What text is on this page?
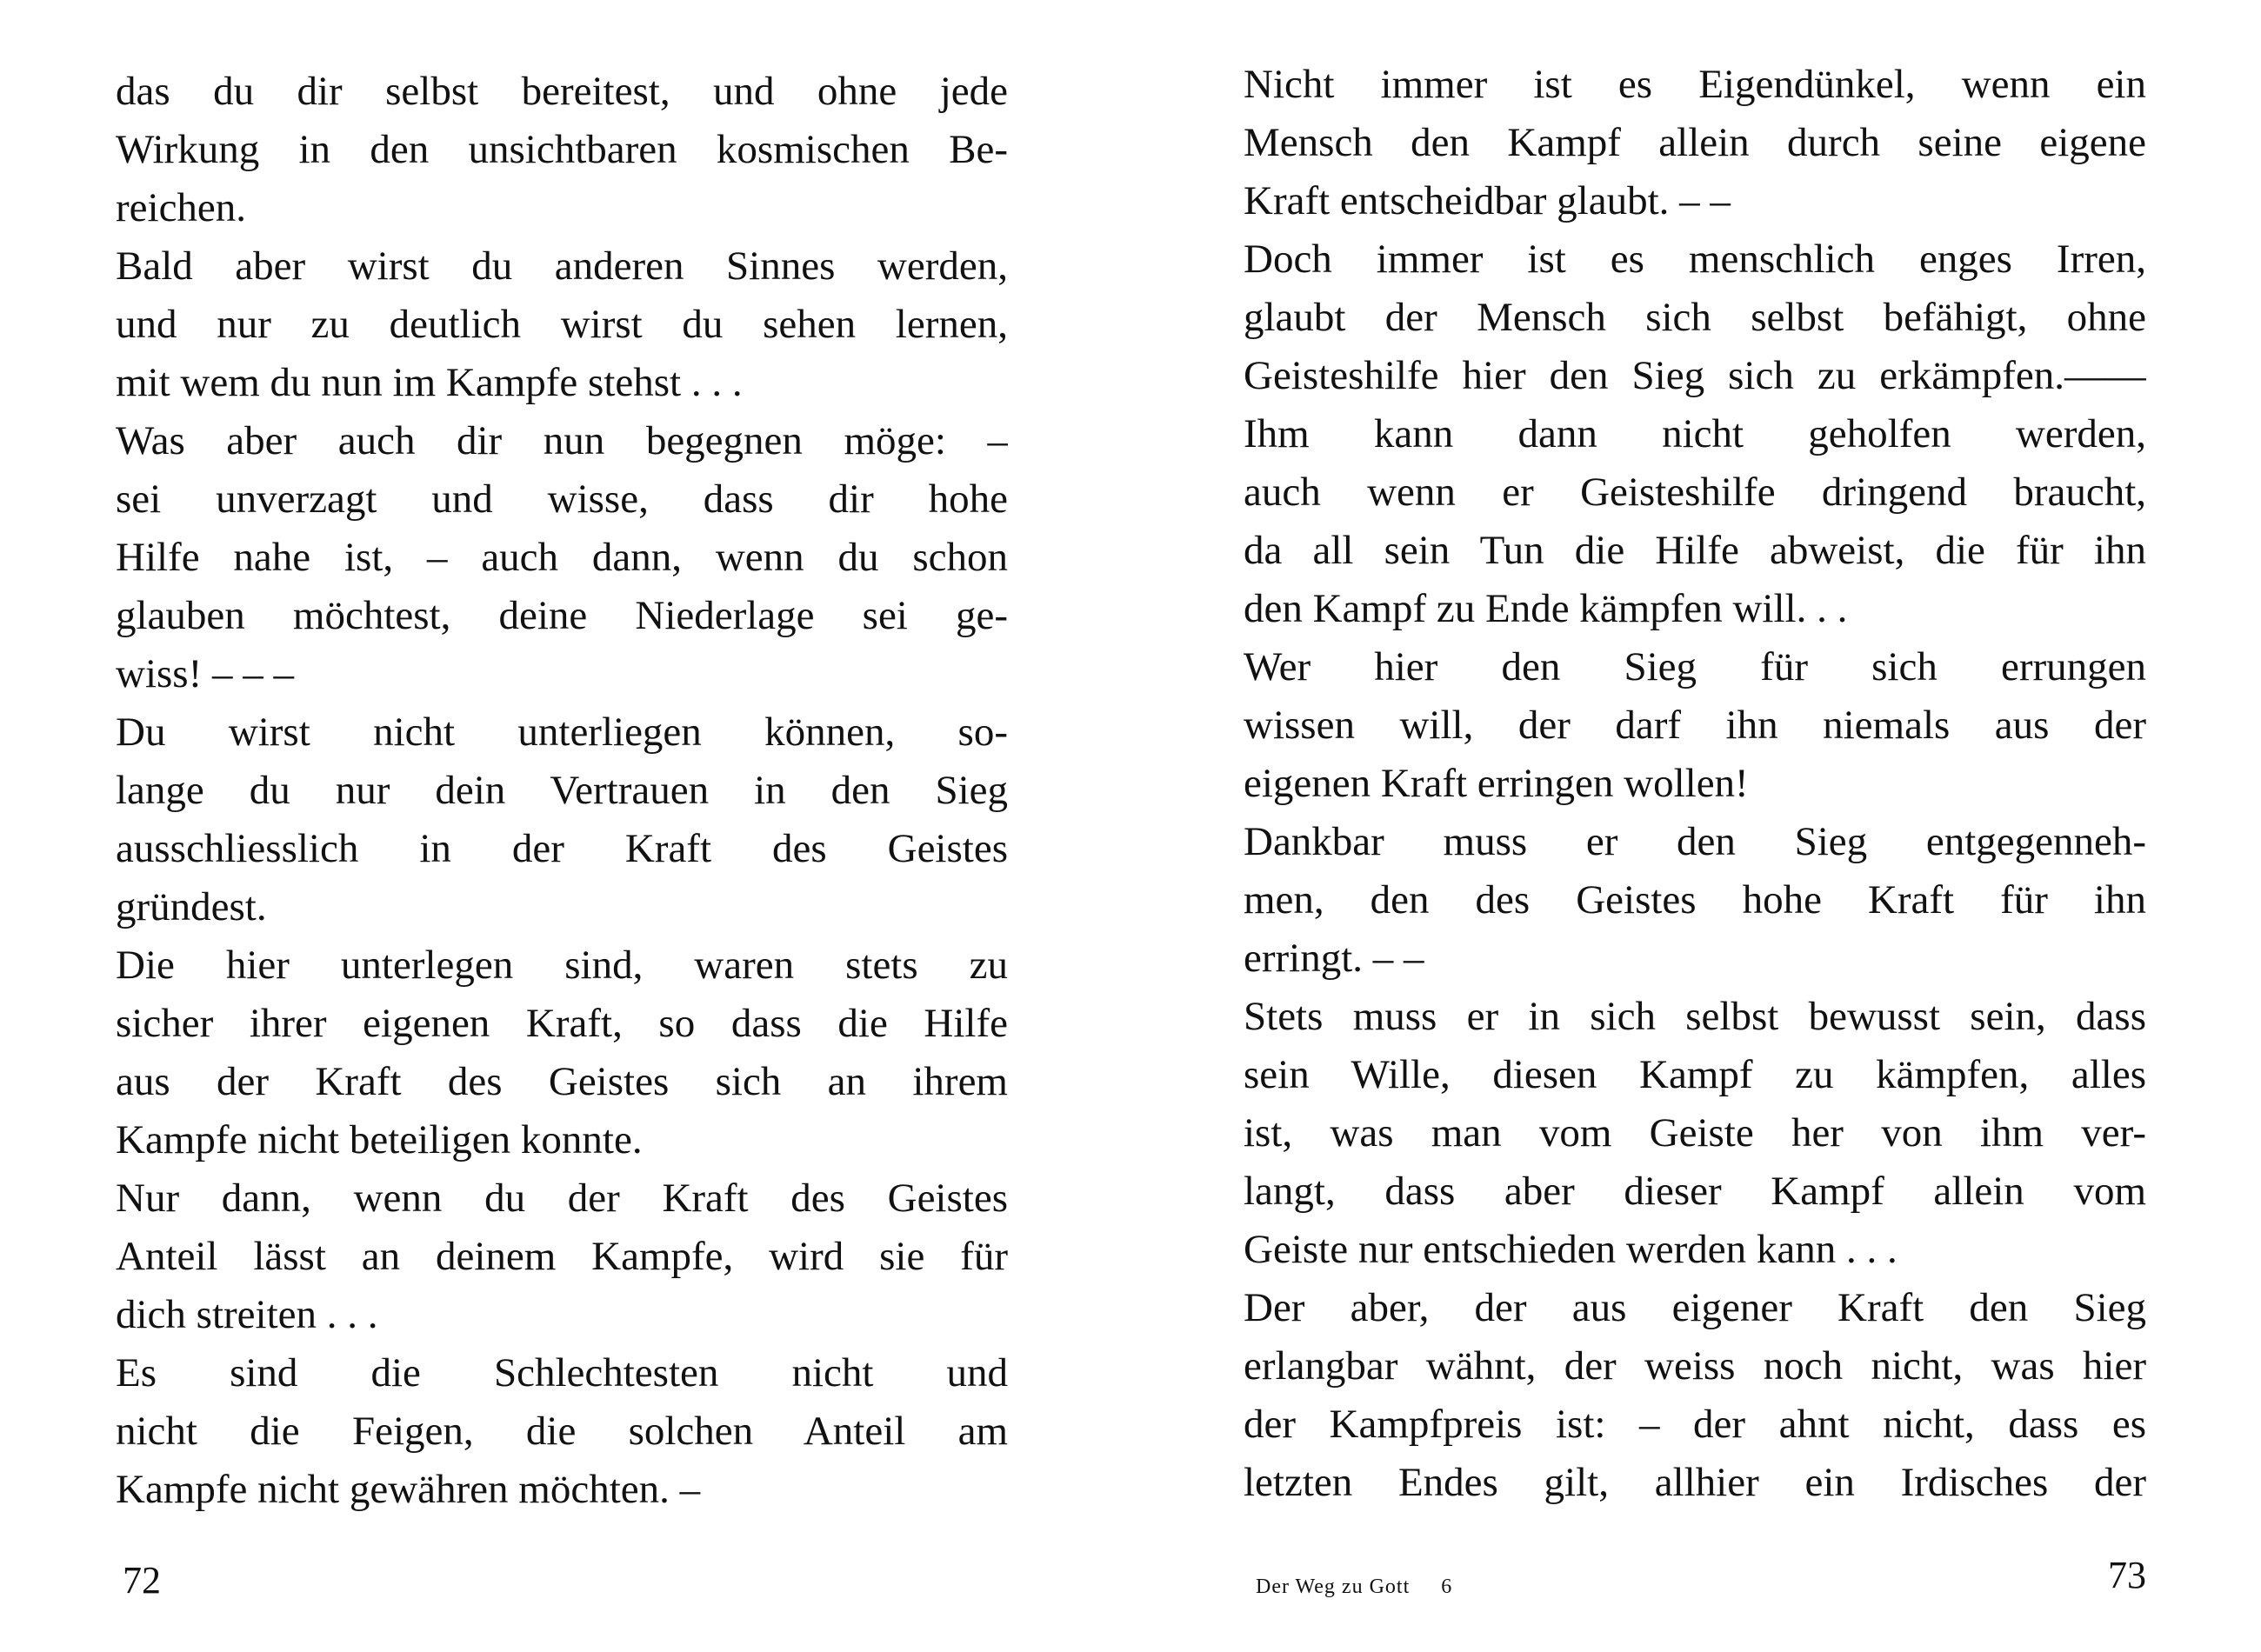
das du dir selbst bereitest, und ohne jede
Wirkung in den unsichtbaren kosmischen Be-
reichen.
Bald aber wirst du anderen Sinnes werden,
und nur zu deutlich wirst du sehen lernen,
mit wem du nun im Kampfe stehst . . .
Was aber auch dir nun begegnen möge: –
sei unverzagt und wisse, dass dir hohe
Hilfe nahe ist, – auch dann, wenn du schon
glauben möchtest, deine Niederlage sei ge-
wiss! – – –
Du wirst nicht unterliegen können, so-
lange du nur dein Vertrauen in den Sieg
ausschliesslich in der Kraft des Geistes
gründest.
Die hier unterlegen sind, waren stets zu
sicher ihrer eigenen Kraft, so dass die Hilfe
aus der Kraft des Geistes sich an ihrem
Kampfe nicht beteiligen konnte.
Nur dann, wenn du der Kraft des Geistes
Anteil lässt an deinem Kampfe, wird sie für
dich streiten . . .
Es sind die Schlechtesten nicht und
nicht die Feigen, die solchen Anteil am
Kampfe nicht gewähren möchten. –
72
Nicht immer ist es Eigendünkel, wenn ein
Mensch den Kampf allein durch seine eigene
Kraft entscheidbar glaubt. – –
Doch immer ist es menschlich enges Irren,
glaubt der Mensch sich selbst befähigt, ohne
Geisteshilfe hier den Sieg sich zu erkämpfen.——
Ihm kann dann nicht geholfen werden,
auch wenn er Geisteshilfe dringend braucht,
da all sein Tun die Hilfe abweist, die für ihn
den Kampf zu Ende kämpfen will. . .
Wer hier den Sieg für sich errungen
wissen will, der darf ihn niemals aus der
eigenen Kraft erringen wollen!
Dankbar muss er den Sieg entgegenneh-
men, den des Geistes hohe Kraft für ihn
erringt. – –
Stets muss er in sich selbst bewusst sein, dass
sein Wille, diesen Kampf zu kämpfen, alles
ist, was man vom Geiste her von ihm ver-
langt, dass aber dieser Kampf allein vom
Geiste nur entschieden werden kann . . .
Der aber, der aus eigener Kraft den Sieg
erlangbar wähnt, der weiss noch nicht, was hier
der Kampfpreis ist: – der ahnt nicht, dass es
letzten Endes gilt, allhier ein Irdisches der
73
Der Weg zu Gott 6
